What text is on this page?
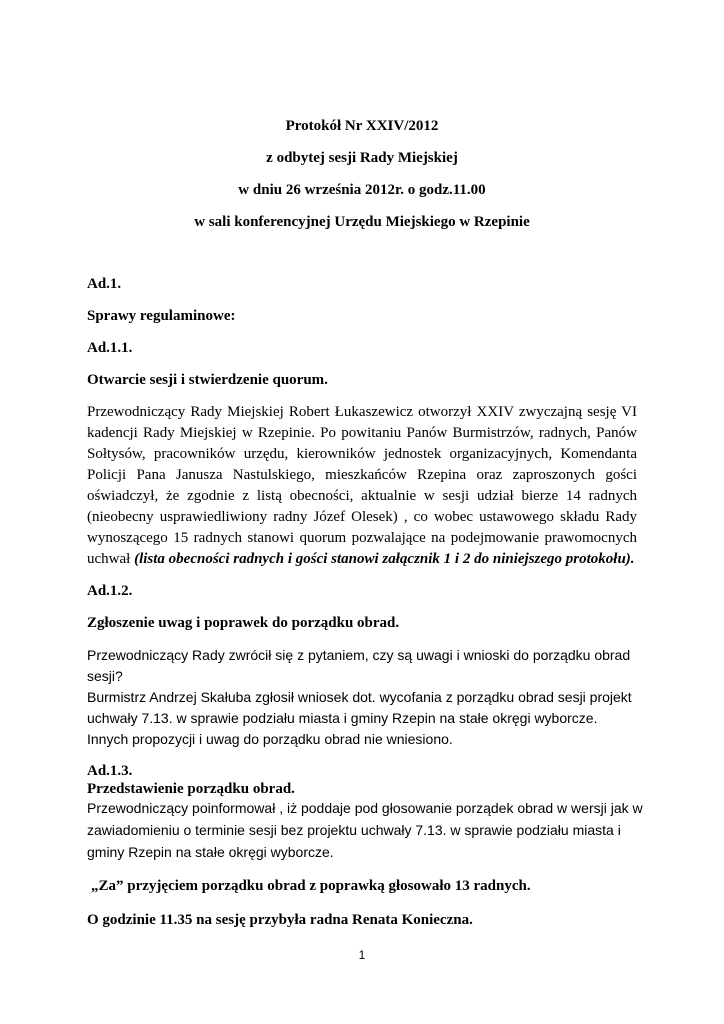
Protokół Nr XXIV/2012
z odbytej sesji Rady Miejskiej
w dniu 26 września 2012r. o godz.11.00
w sali konferencyjnej Urzędu Miejskiego w Rzepinie
Ad.1.
Sprawy regulaminowe:
Ad.1.1.
Otwarcie sesji i stwierdzenie quorum.
Przewodniczący Rady Miejskiej Robert Łukaszewicz otworzył XXIV zwyczajną sesję VI
kadencji Rady Miejskiej w Rzepinie. Po powitaniu Panów Burmistrzów, radnych, Panów
Sołtysów, pracowników urzędu, kierowników jednostek organizacyjnych, Komendanta
Policji Pana Janusza Nastulskiego, mieszkańców Rzepina oraz zaproszonych gości
oświadczył, że zgodnie z listą obecności, aktualnie w sesji udział bierze 14 radnych
(nieobecny usprawiedliwiony radny Józef Olesek) , co wobec ustawowego składu Rady
wynoszącego 15 radnych stanowi quorum pozwalające na podejmowanie prawomocnych
uchwał (lista obecności radnych i gości stanowi załącznik 1 i 2 do niniejszego protokołu).
Ad.1.2.
Zgłoszenie uwag i poprawek do porządku obrad.
Przewodniczący Rady zwrócił się z pytaniem, czy są uwagi i wnioski do porządku obrad
sesji?
Burmistrz Andrzej Skałuba zgłosił wniosek dot. wycofania z porządku obrad sesji projekt
uchwały 7.13. w sprawie podziału miasta i gminy Rzepin na stałe okręgi wyborcze.
Innych propozycji i uwag do porządku obrad nie wniesiono.
Ad.1.3.
Przedstawienie porządku obrad.
Przewodniczący poinformował , iż poddaje pod głosowanie porządek obrad w wersji jak w
zawiadomieniu o terminie sesji bez projektu uchwały 7.13. w sprawie podziału miasta i
gminy Rzepin na stałe okręgi wyborcze.
„Za” przyjęciem porządku obrad z poprawką głosowało 13 radnych.
O godzinie 11.35 na sesję przybyła radna Renata Konieczna.
1
